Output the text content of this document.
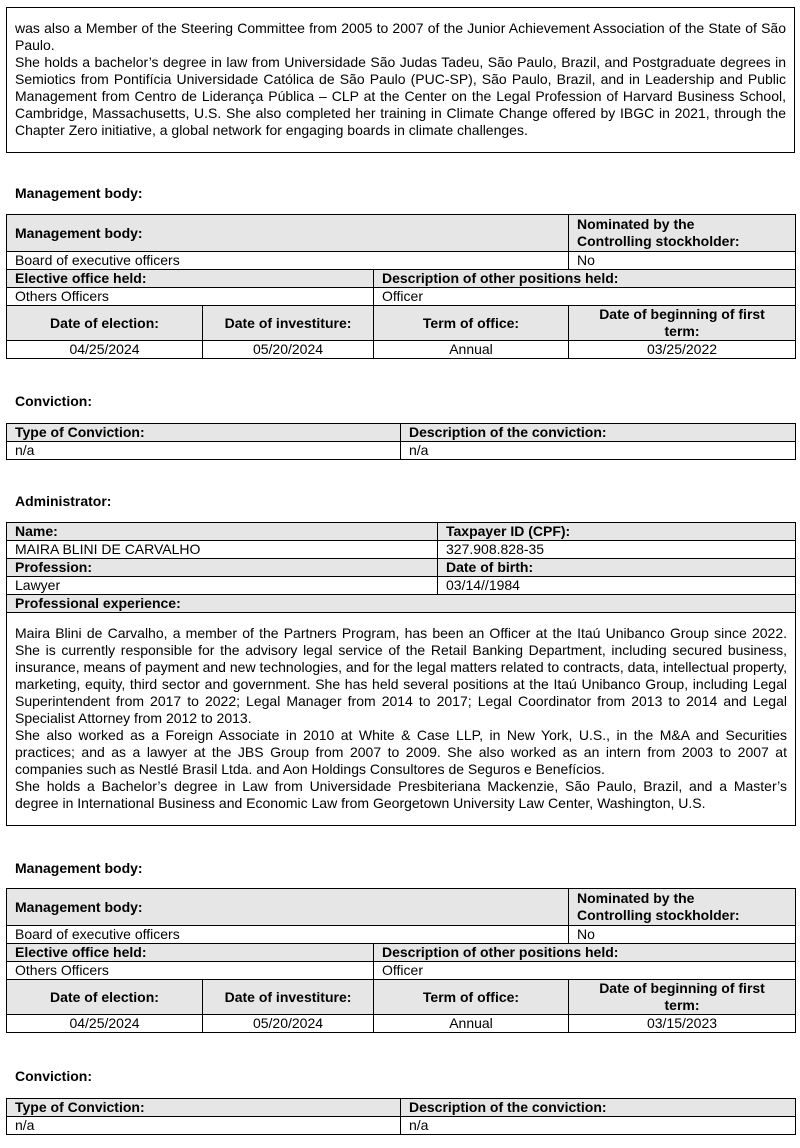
was also a Member of the Steering Committee from 2005 to 2007 of the Junior Achievement Association of the State of São Paulo.

She holds a bachelor’s degree in law from Universidade São Judas Tadeu, São Paulo, Brazil, and Postgraduate degrees in Semiotics from Pontifícia Universidade Católica de São Paulo (PUC-SP), São Paulo, Brazil, and in Leadership and Public Management from Centro de Liderança Pública – CLP at the Center on the Legal Profession of Harvard Business School, Cambridge, Massachusetts, U.S. She also completed her training in Climate Change offered by IBGC in 2021, through the Chapter Zero initiative, a global network for engaging boards in climate challenges.

Management body:
Management body:			Nominated by the
Controlling stockholder:
Board of executive officers			No
Elective office held:		Description of other positions held:	
Others Officers		Officer	
Date of election:	Date of investiture:	Term of office:	Date of beginning of first
term:
04/25/2024	05/20/2024	Annual	03/25/2022
Conviction:
Type of Conviction:	Description of the conviction:
n/a	n/a
Administrator:
Name:	Taxpayer ID (CPF):
MAIRA BLINI DE CARVALHO	327.908.828-35
Profession:	Date of birth:
Lawyer	03/14//1984
Professional experience:	

Maira Blini de Carvalho, a member of the Partners Program, has been an Officer at the Itaú Unibanco Group since 2022. She is currently responsible for the advisory legal service of the Retail Banking Department, including secured business, insurance, means of payment and new technologies, and for the legal matters related to contracts, data, intellectual property, marketing, equity, third sector and government. She has held several positions at the Itaú Unibanco Group, including Legal Superintendent from 2017 to 2022; Legal Manager from 2014 to 2017; Legal Coordinator from 2013 to 2014 and Legal Specialist Attorney from 2012 to 2013.

She also worked as a Foreign Associate in 2010 at White & Case LLP, in New York, U.S., in the M&A and Securities practices; and as a lawyer at the JBS Group from 2007 to 2009. She also worked as an intern from 2003 to 2007 at companies such as Nestlé Brasil Ltda. and Aon Holdings Consultores de Seguros e Benefícios.

She holds a Bachelor’s degree in Law from Universidade Presbiteriana Mackenzie, São Paulo, Brazil, and a Master’s degree in International Business and Economic Law from Georgetown University Law Center, Washington, U.S.	

Management body:
Management body:			Nominated by the
Controlling stockholder:
Board of executive officers			No
Elective office held:		Description of other positions held:	
Others Officers		Officer	
Date of election:	Date of investiture:	Term of office:	Date of beginning of first
term:
04/25/2024	05/20/2024	Annual	03/15/2023
Conviction:
Type of Conviction:	Description of the conviction:
n/a	n/a
